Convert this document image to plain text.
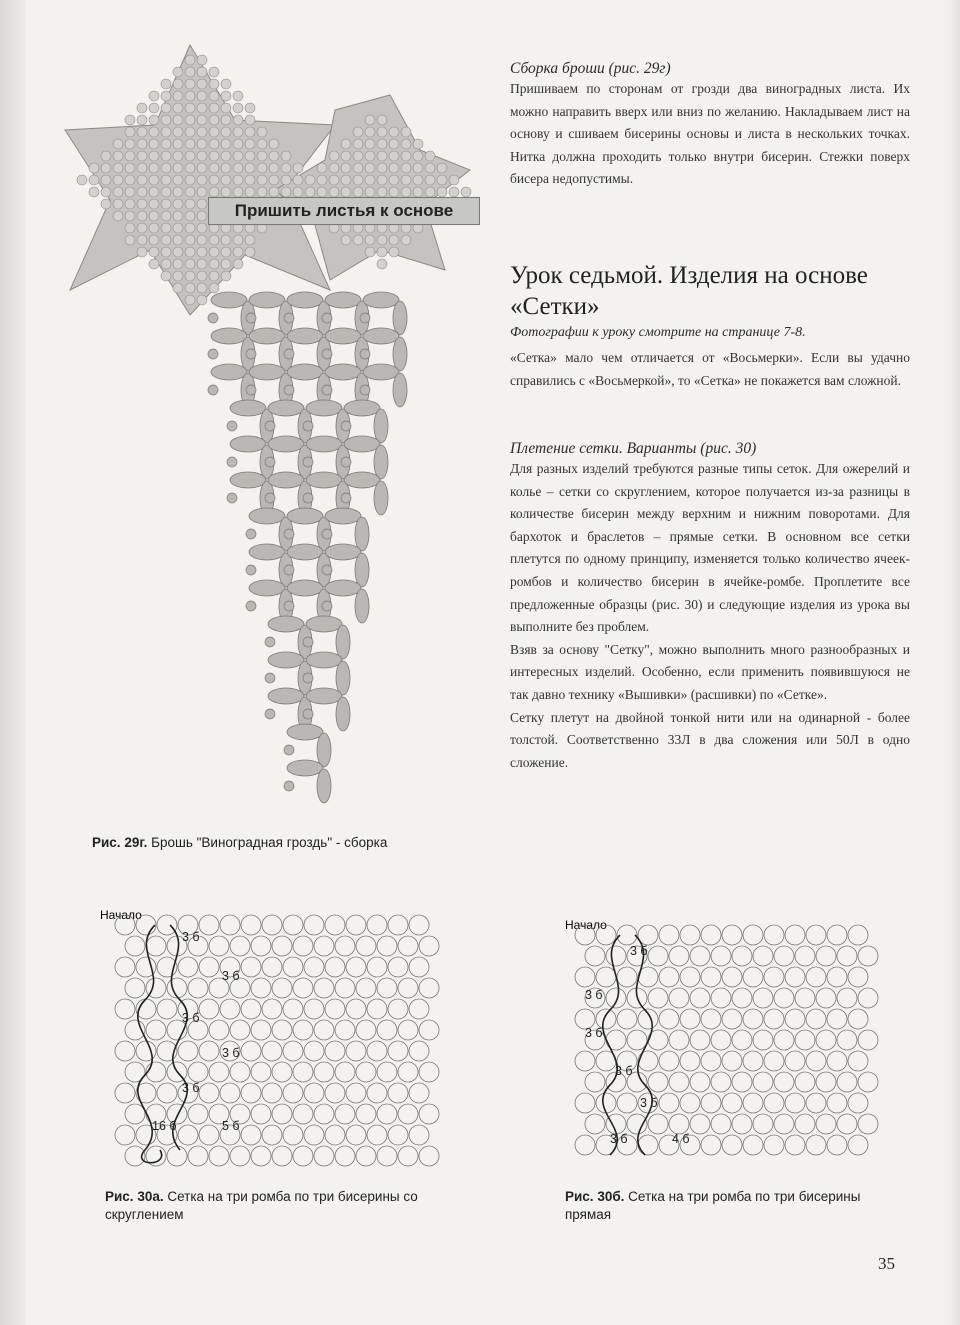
Пришить листья к основе
Рис. 29г. Брошь "Виноградная гроздь" - сборка

Сборка броши (рис. 29г)

Пришиваем по сторонам от грозди два виноградных листа. Их можно направить вверх или вниз по желанию. Накладываем лист на основу и сшиваем бисерины основы и листа в нескольких точках. Нитка должна проходить только внутри бисерин. Стежки поверх бисера недопустимы.

Урок седьмой. Изделия на основе «Сетки»

Фотографии к уроку смотрите на странице 7-8.

«Сетка» мало чем отличается от «Восьмерки». Если вы удачно справились с «Восьмеркой», то «Сетка» не покажется вам сложной.

Плетение сетки. Варианты (рис. 30)

Для разных изделий требуются разные типы сеток. Для ожерелий и колье – сетки со скруглением, которое получается из-за разницы в количестве бисерин между верхним и нижним поворотами. Для бархоток и браслетов – прямые сетки. В основном все сетки плетутся по одному принципу, изменяется только количество ячеек-ромбов и количество бисерин в ячейке-ромбе. Проплетите все предложенные образцы (рис. 30) и следующие изделия из урока вы выполните без проблем.

Взяв за основу "Сетку", можно выполнить много разнообразных и интересных изделий. Особенно, если применить появившуюся не так давно технику «Вышивки» (расшивки) по «Сетке».

Сетку плетут на двойной тонкой нити или на одинарной - более толстой. Соответственно 33Л в два сложения или 50Л в одно сложение.

Начало
3 б
3 б
3 б
3 б
3 б
16 б	5 б
Рис. 30а. Сетка на три ромба по три бисерины со скруглением
Начало
3 б
3 б
3 б
3 б
3 б
3 б	4 б
Рис. 30б. Сетка на три ромба по три бисерины прямая
35
